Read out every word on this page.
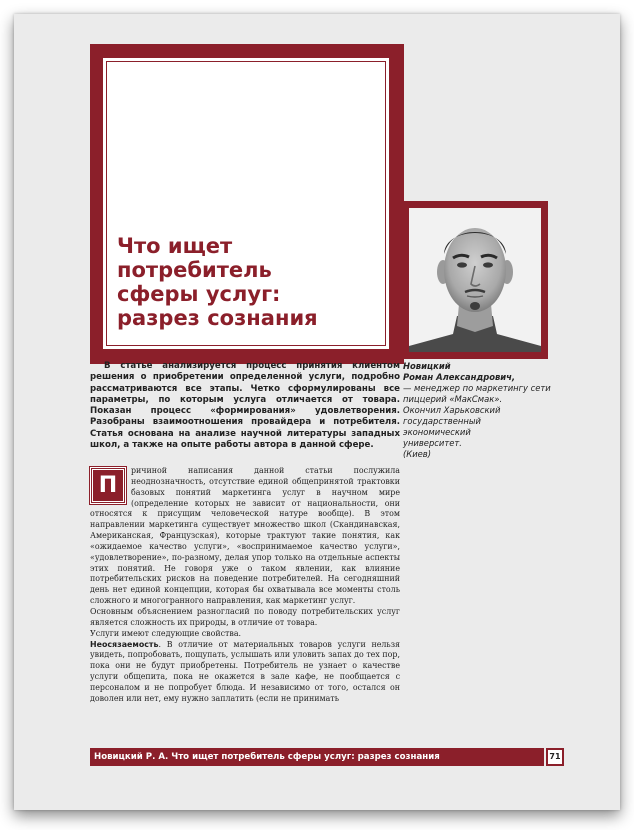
Что ищет
потребитель
сферы услуг:
разрез сознания

В статье анализируется процесс принятия клиентом решения о приобретении определенной услуги, подробно рассматриваются все этапы. Четко сформулированы все параметры, по которым услуга отличается от товара. Показан процесс «формирования» удовлетворения. Разобраны взаимоотношения провайдера и потребителя. Статья основана на анализе научной литературы западных школ, а также на опыте работы автора в данной сфере.

Новицкий
Роман Александрович,

— менеджер по маркетингу сети
пиццерий «МакСмак».
Окончил Харьковский
государственный
экономический
университет.
(Киев)

П
ричиной написания данной статьи послужила неоднозначность, отсутствие единой общепринятой трактовки базовых понятий маркетинга услуг в научном мире (определение которых не зависит от национальности, они относятся к присущим человеческой натуре вообще). В этом направлении маркетинга существует множество школ (Скандинавская, Американская, Французская), которые трактуют такие понятия, как «ожидаемое качество услуги», «воспринимаемое качество услуги», «удовлетворение», по-разному, делая упор только на отдельные аспекты этих понятий. Не говоря уже о таком явлении, как влияние потребительских рисков на поведение потребителей. На сегодняшний день нет единой концепции, которая бы охватывала все моменты столь сложного и многогранного направления, как маркетинг услуг.

Основным объяснением разногласий по поводу потребительских услуг является сложность их природы, в отличие от товара.

Услуги имеют следующие свойства.

Неосязаемость. В отличие от материальных товаров услуги нельзя увидеть, попробовать, пощупать, услышать или уловить запах до тех пор, пока они не будут приобретены. Потребитель не узнает о качестве услуги общепита, пока не окажется в зале кафе, не пообщается с персоналом и не попробует блюда. И независимо от того, остался он доволен или нет, ему нужно заплатить (если не принимать

Новицкий Р. А. Что ищет потребитель сферы услуг: разрез сознания	71
